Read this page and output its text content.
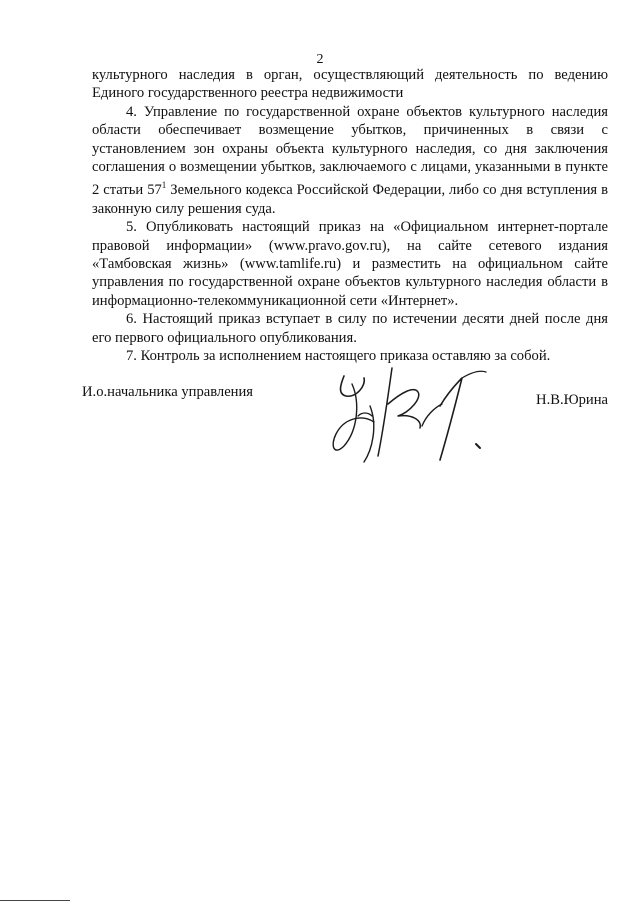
2

культурного наследия в орган, осуществляющий деятельность по ведению Единого государственного реестра недвижимости

4. Управление по государственной охране объектов культурного наследия области обеспечивает возмещение убытков, причиненных в связи с установлением зон охраны объекта культурного наследия, со дня заключения соглашения о возмещении убытков, заключаемого с лицами, указанными в пункте 2 статьи $57^1$ Земельного кодекса Российской Федерации, либо со дня вступления в законную силу решения суда.

5. Опубликовать настоящий приказ на «Официальном интернет-портале правовой информации» (www.pravo.gov.ru), на сайте сетевого издания «Тамбовская жизнь» (www.tamlife.ru) и разместить на официальном сайте управления по государственной охране объектов культурного наследия области в информационно-телекоммуникационной сети «Интернет».

6. Настоящий приказ вступает в силу по истечении десяти дней после дня его первого официального опубликования.

7. Контроль за исполнением настоящего приказа оставляю за собой.

И.о.начальника управления	Н.В.Юрина
